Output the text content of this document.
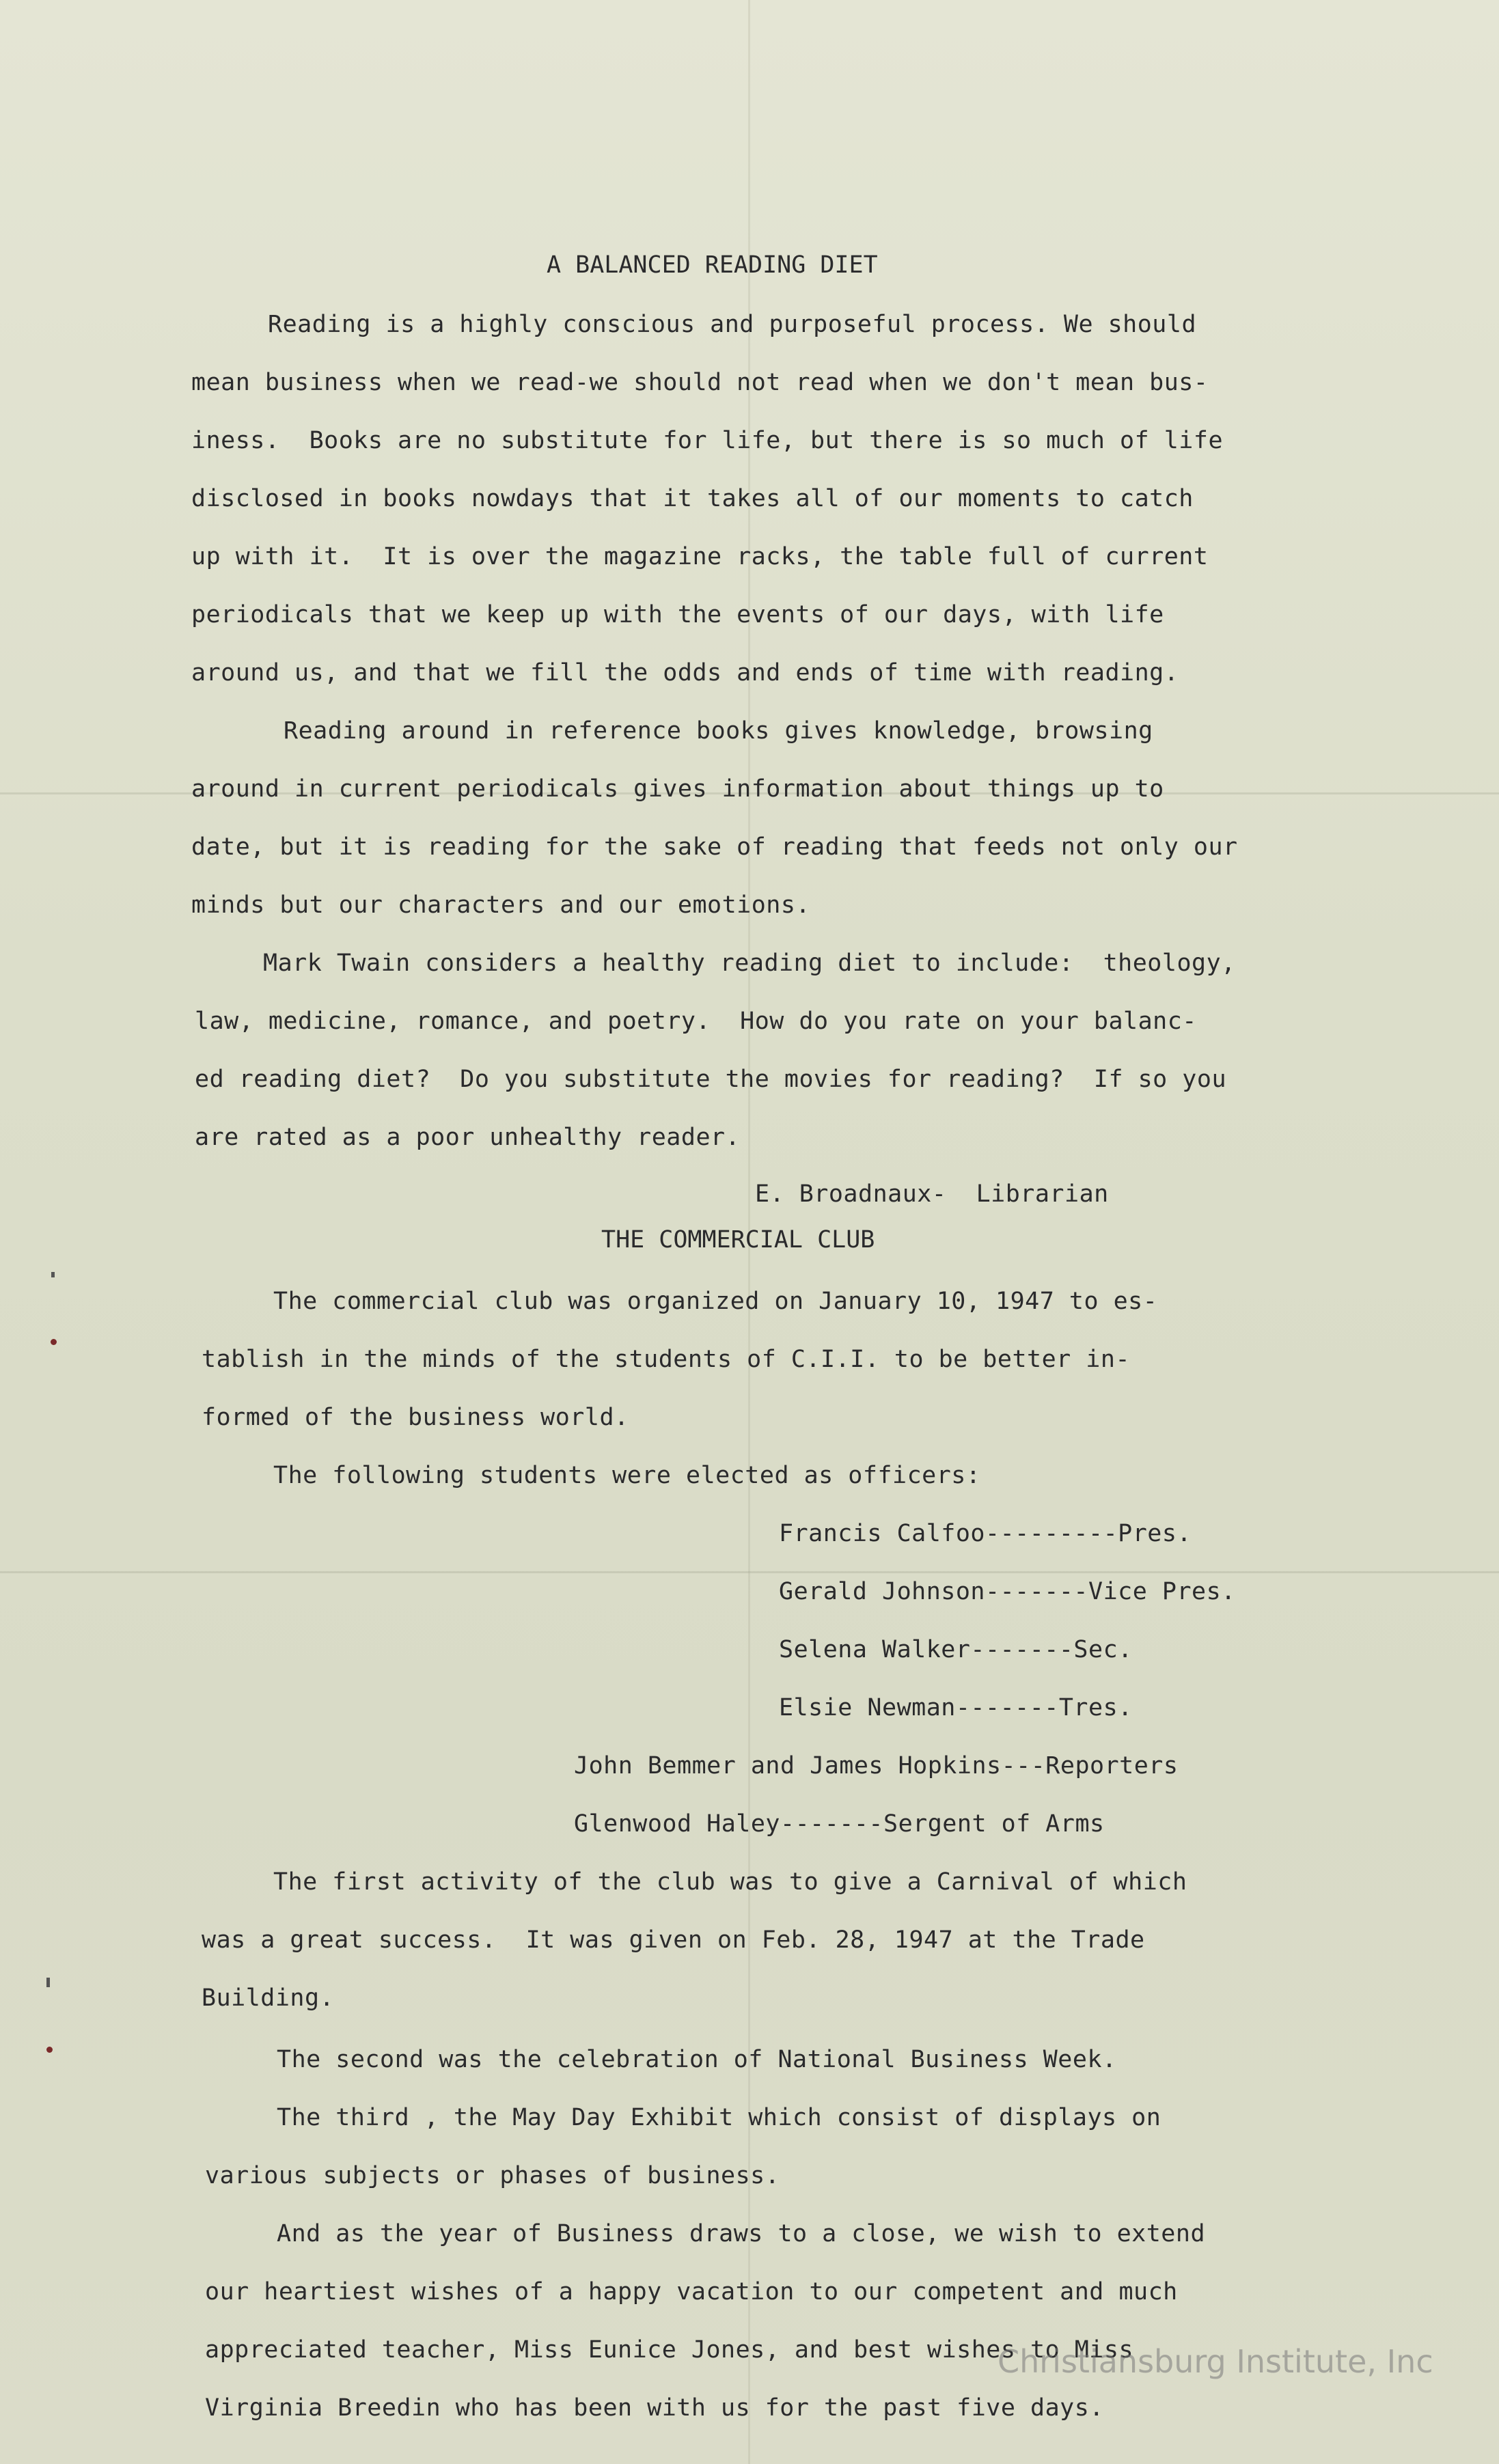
A BALANCED READING DIET
Reading is a highly conscious and purposeful process. We should
mean business when we read-we should not read when we don't mean bus-
iness.  Books are no substitute for life, but there is so much of life
disclosed in books nowdays that it takes all of our moments to catch
up with it.  It is over the magazine racks, the table full of current
periodicals that we keep up with the events of our days, with life
around us, and that we fill the odds and ends of time with reading.
Reading around in reference books gives knowledge, browsing
around in current periodicals gives information about things up to
date, but it is reading for the sake of reading that feeds not only our
minds but our characters and our emotions.
Mark Twain considers a healthy reading diet to include:  theology,
law, medicine, romance, and poetry.  How do you rate on your balanc-
ed reading diet?  Do you substitute the movies for reading?  If so you
are rated as a poor unhealthy reader.
E. Broadnaux-  Librarian
THE COMMERCIAL CLUB
The commercial club was organized on January 10, 1947 to es-
tablish in the minds of the students of C.I.I. to be better in-
formed of the business world.
The following students were elected as officers:
Francis Calfoo---------Pres.
Gerald Johnson-------Vice Pres.
Selena Walker-------Sec.
Elsie Newman-------Tres.
John Bemmer and James Hopkins---Reporters
Glenwood Haley-------Sergent of Arms
The first activity of the club was to give a Carnival of which
was a great success.  It was given on Feb. 28, 1947 at the Trade
Building.
The second was the celebration of National Business Week.
The third , the May Day Exhibit which consist of displays on
various subjects or phases of business.
And as the year of Business draws to a close, we wish to extend
our heartiest wishes of a happy vacation to our competent and much
appreciated teacher, Miss Eunice Jones, and best wishes to Miss
Virginia Breedin who has been with us for the past five days.
Christiansburg Institute, Inc
